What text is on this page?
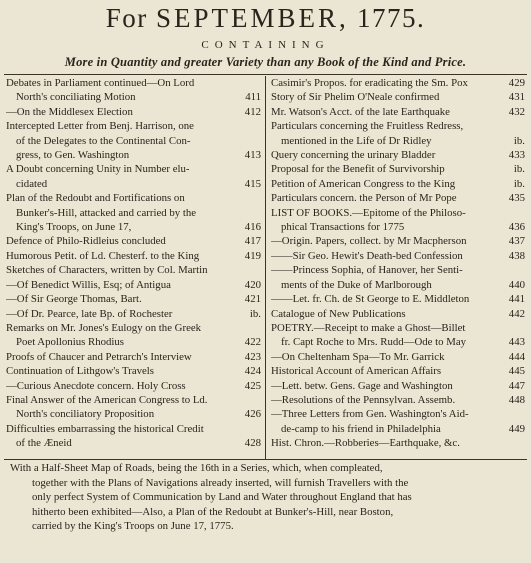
For SEPTEMBER, 1775.
CONTAINING
More in Quantity and greater Variety than any Book of the Kind and Price.
Debates in Parliament continued—On Lord
North's conciliating Motion	411
—On the Middlesex Election	412
Intercepted Letter from Benj. Harrison, one
of the Delegates to the Continental Con-
gress, to Gen. Washington	413
A Doubt concerning Unity in Number elu-
cidated	415
Plan of the Redoubt and Fortifications on
Bunker's-Hill, attacked and carried by the
King's Troops, on June 17,	416
Defence of Philo-Ridleius concluded	417
Humorous Petit. of Ld. Chesterf. to the King	419
Sketches of Characters, written by Col. Martin
—Of Benedict Willis, Esq; of Antigua	420
—Of Sir George Thomas, Bart.	421
—Of Dr. Pearce, late Bp. of Rochester	ib.
Remarks on Mr. Jones's Eulogy on the Greek
Poet Apollonius Rhodius	422
Proofs of Chaucer and Petrarch's Interview	423
Continuation of Lithgow's Travels	424
—Curious Anecdote concern. Holy Cross	425
Final Answer of the American Congress to Ld.
North's conciliatory Proposition	426
Difficulties embarrassing the historical Credit
of the Æneid	428
Casimir's Propos. for eradicating the Sm. Pox	429
Story of Sir Phelim O'Neale confirmed	431
Mr. Watson's Acct. of the late Earthquake	432
Particulars concerning the Fruitless Redress,
mentioned in the Life of Dr Ridley	ib.
Query concerning the urinary Bladder	433
Proposal for the Benefit of Survivorship	ib.
Petition of American Congress to the King	ib.
Particulars concern. the Person of Mr Pope	435
LIST OF BOOKS.—Epitome of the Philoso-
phical Transactions for 1775	436
—Origin. Papers, collect. by Mr Macpherson	437
——Sir Geo. Hewit's Death-bed Confession	438
——Princess Sophia, of Hanover, her Senti-
ments of the Duke of Marlborough	440
——Let. fr. Ch. de St George to E. Middleton	441
Catalogue of New Publications	442
POETRY.—Receipt to make a Ghost—Billet
fr. Capt Roche to Mrs. Rudd—Ode to May	443
—On Cheltenham Spa—To Mr. Garrick	444
Historical Account of American Affairs	445
—Lett. betw. Gens. Gage and Washington	447
—Resolutions of the Pennsylvan. Assemb.	448
—Three Letters from Gen. Washington's Aid-
de-camp to his friend in Philadelphia	449
Hist. Chron.—Robberies—Earthquake, &c.
With a Half-Sheet Map of Roads, being the 16th in a Series, which, when compleated,
together with the Plans of Navigations already inserted, will furnish Travellers with the
only perfect System of Communication by Land and Water throughout England that has
hitherto been exhibited—Also, a Plan of the Redoubt at Bunker's-Hill, near Boston,
carried by the King's Troops on June 17, 1775.
